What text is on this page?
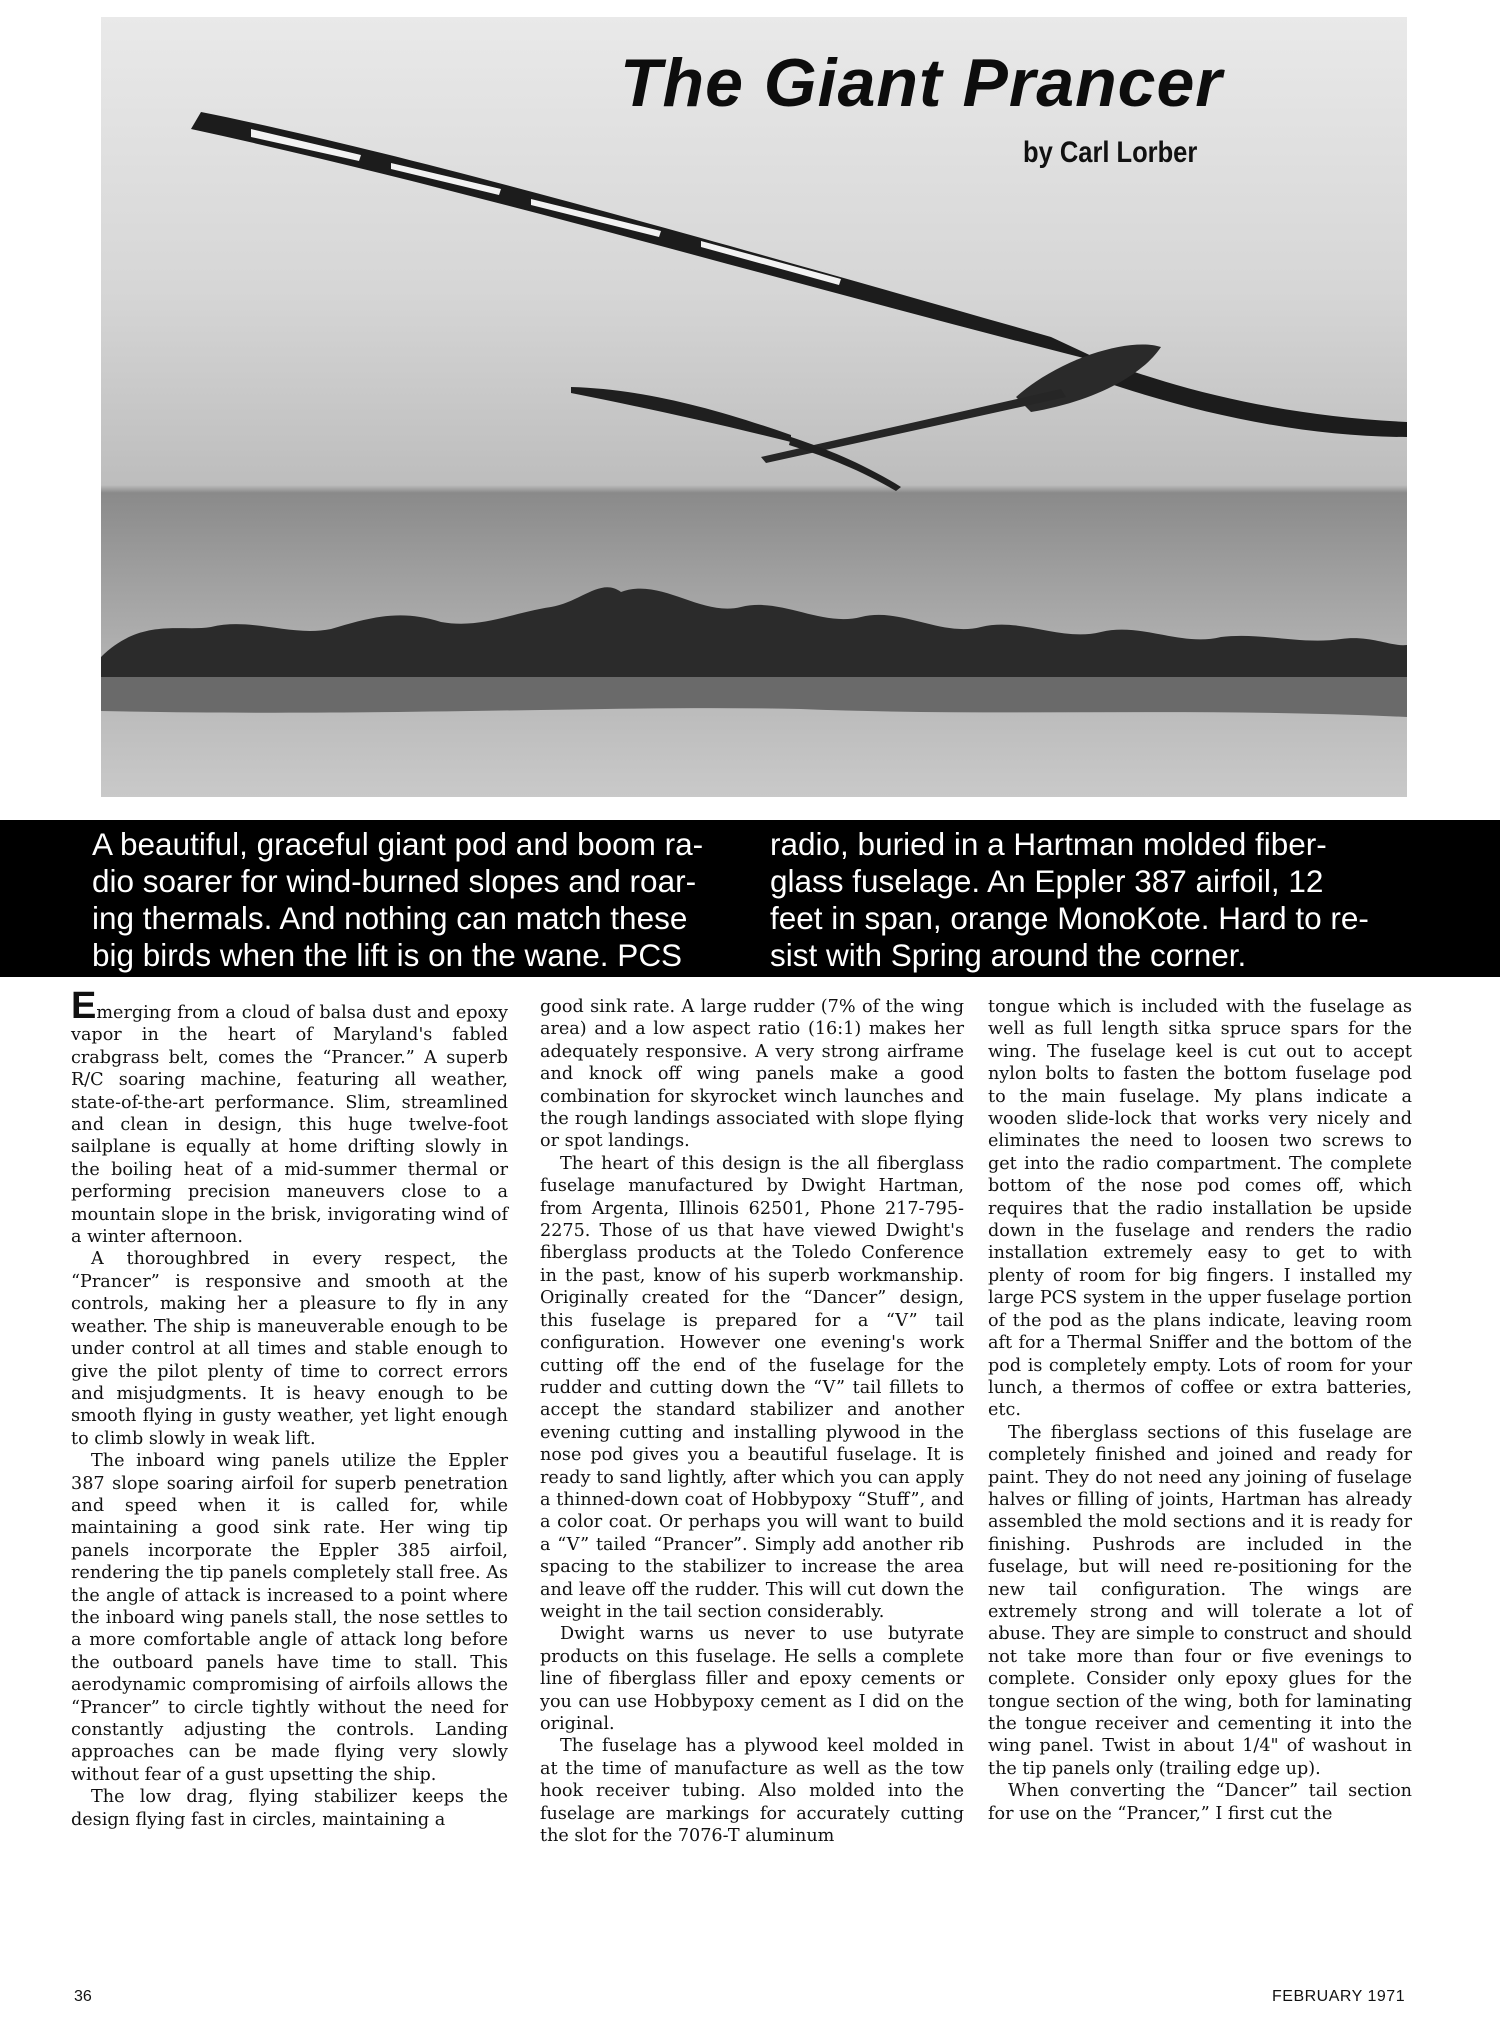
The Giant Prancer
by Carl Lorber
A beautiful, graceful giant pod and boom ra-
dio soarer for wind-burned slopes and roar-
ing thermals. And nothing can match these
big birds when the lift is on the wane. PCS
radio, buried in a Hartman molded fiber-
glass fuselage. An Eppler 387 airfoil, 12
feet in span, orange MonoKote. Hard to re-
sist with Spring around the corner.

Emerging from a cloud of balsa dust and epoxy vapor in the heart of Maryland's fabled crabgrass belt, comes the “Prancer.” A superb R/C soaring machine, featuring all weather, state-of-the-art performance. Slim, streamlined and clean in design, this huge twelve-foot sailplane is equally at home drifting slowly in the boiling heat of a mid-summer thermal or performing precision maneuvers close to a mountain slope in the brisk, invigorating wind of a winter afternoon.

A thoroughbred in every respect, the “Prancer” is responsive and smooth at the controls, making her a pleasure to fly in any weather. The ship is maneuverable enough to be under control at all times and stable enough to give the pilot plenty of time to correct errors and misjudgments. It is heavy enough to be smooth flying in gusty weather, yet light enough to climb slowly in weak lift.

The inboard wing panels utilize the Eppler 387 slope soaring airfoil for superb penetration and speed when it is called for, while maintaining a good sink rate. Her wing tip panels incorporate the Eppler 385 airfoil, rendering the tip panels completely stall free. As the angle of attack is increased to a point where the inboard wing panels stall, the nose settles to a more comfortable angle of attack long before the outboard panels have time to stall. This aerodynamic compromising of airfoils allows the “Prancer” to circle tightly without the need for constantly adjusting the controls. Landing approaches can be made flying very slowly without fear of a gust upsetting the ship.

The low drag, flying stabilizer keeps the design flying fast in circles, maintaining a

good sink rate. A large rudder (7% of the wing area) and a low aspect ratio (16:1) makes her adequately responsive. A very strong airframe and knock off wing panels make a good combination for skyrocket winch launches and the rough landings associated with slope flying or spot landings.

The heart of this design is the all fiberglass fuselage manufactured by Dwight Hartman, from Argenta, Illinois 62501, Phone 217-795-2275. Those of us that have viewed Dwight's fiberglass products at the Toledo Conference in the past, know of his superb workmanship. Originally created for the “Dancer” design, this fuselage is prepared for a “V” tail configuration. However one evening's work cutting off the end of the fuselage for the rudder and cutting down the “V” tail fillets to accept the standard stabilizer and another evening cutting and installing plywood in the nose pod gives you a beautiful fuselage. It is ready to sand lightly, after which you can apply a thinned-down coat of Hobbypoxy “Stuff”, and a color coat. Or perhaps you will want to build a “V” tailed “Prancer”. Simply add another rib spacing to the stabilizer to increase the area and leave off the rudder. This will cut down the weight in the tail section considerably.

Dwight warns us never to use butyrate products on this fuselage. He sells a complete line of fiberglass filler and epoxy cements or you can use Hobbypoxy cement as I did on the original.

The fuselage has a plywood keel molded in at the time of manufacture as well as the tow hook receiver tubing. Also molded into the fuselage are markings for accurately cutting the slot for the 7076-T aluminum

tongue which is included with the fuselage as well as full length sitka spruce spars for the wing. The fuselage keel is cut out to accept nylon bolts to fasten the bottom fuselage pod to the main fuselage. My plans indicate a wooden slide-lock that works very nicely and eliminates the need to loosen two screws to get into the radio compartment. The complete bottom of the nose pod comes off, which requires that the radio installation be upside down in the fuselage and renders the radio installation extremely easy to get to with plenty of room for big fingers. I installed my large PCS system in the upper fuselage portion of the pod as the plans indicate, leaving room aft for a Thermal Sniffer and the bottom of the pod is completely empty. Lots of room for your lunch, a thermos of coffee or extra batteries, etc.

The fiberglass sections of this fuselage are completely finished and joined and ready for paint. They do not need any joining of fuselage halves or filling of joints, Hartman has already assembled the mold sections and it is ready for finishing. Pushrods are included in the fuselage, but will need re-positioning for the new tail configuration. The wings are extremely strong and will tolerate a lot of abuse. They are simple to construct and should not take more than four or five evenings to complete. Consider only epoxy glues for the tongue section of the wing, both for laminating the tongue receiver and cementing it into the wing panel. Twist in about 1/4" of washout in the tip panels only (trailing edge up).

When converting the “Dancer” tail section for use on the “Prancer,” I first cut the

36	FEBRUARY 1971
